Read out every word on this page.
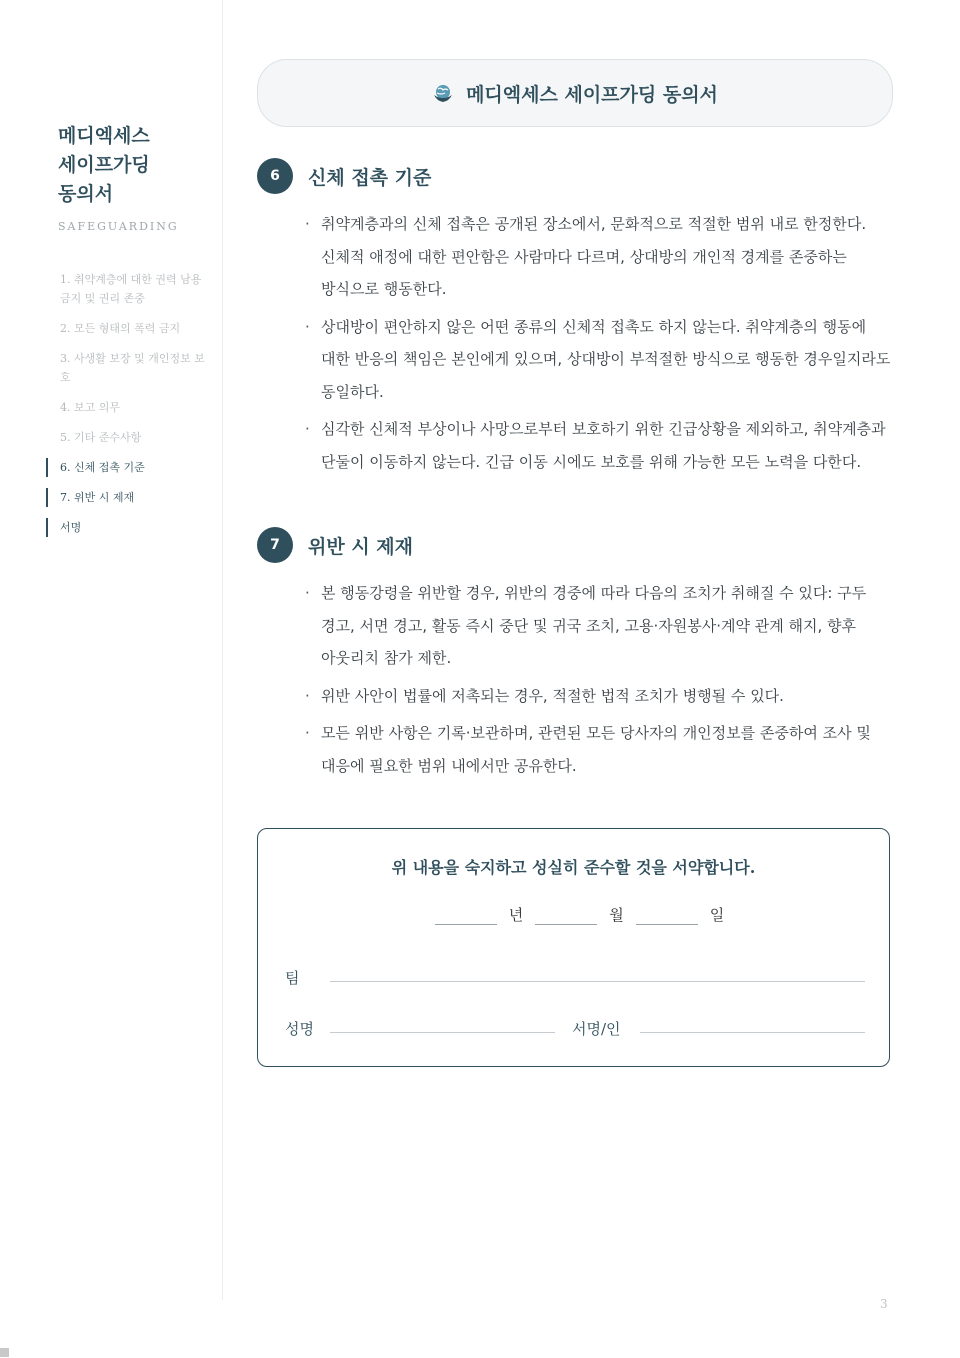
메디엑세스
세이프가딩
동의서
SAFEGUARDING
1. 취약계층에 대한 권력 남용 금지 및 권리 존중
2. 모든 형태의 폭력 금지
3. 사생활 보장 및 개인정보 보호
4. 보고 의무
5. 기타 준수사항
6. 신체 접촉 기준
7. 위반 시 제재
서명
메디엑세스 세이프가딩 동의서
6	신체 접촉 기준
· 취약계층과의 신체 접촉은 공개된 장소에서, 문화적으로 적절한 범위 내로 한정한다. 신체적 애정에 대한 편안함은 사람마다 다르며, 상대방의 개인적 경계를 존중하는 방식으로 행동한다.
· 상대방이 편안하지 않은 어떤 종류의 신체적 접촉도 하지 않는다. 취약계층의 행동에 대한 반응의 책임은 본인에게 있으며, 상대방이 부적절한 방식으로 행동한 경우일지라도 동일하다.
· 심각한 신체적 부상이나 사망으로부터 보호하기 위한 긴급상황을 제외하고, 취약계층과 단둘이 이동하지 않는다. 긴급 이동 시에도 보호를 위해 가능한 모든 노력을 다한다.
7	위반 시 제재
· 본 행동강령을 위반할 경우, 위반의 경중에 따라 다음의 조치가 취해질 수 있다: 구두 경고, 서면 경고, 활동 즉시 중단 및 귀국 조치, 고용·자원봉사·계약 관계 해지, 향후 아웃리치 참가 제한.
· 위반 사안이 법률에 저촉되는 경우, 적절한 법적 조치가 병행될 수 있다.
· 모든 위반 사항은 기록·보관하며, 관련된 모든 당사자의 개인정보를 존중하여 조사 및 대응에 필요한 범위 내에서만 공유한다.
위 내용을 숙지하고 성실히 준수할 것을 서약합니다.
년	월	일
팀
성명	서명/인
3
